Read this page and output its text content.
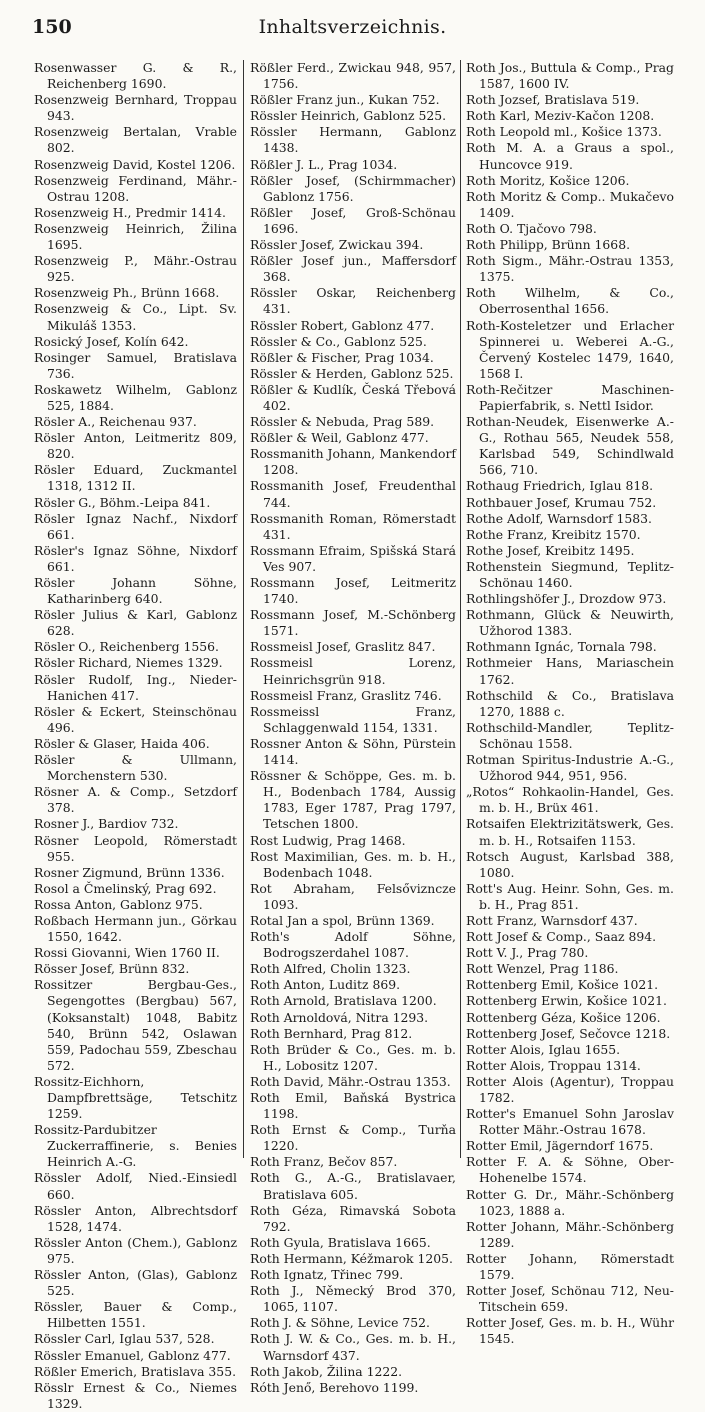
150	Inhaltsverzeichnis.

Rosenwasser G. & R., Reichenberg 1690.

Rosenzweig Bernhard, Troppau 943.

Rosenzweig Bertalan, Vrable 802.

Rosenzweig David, Kostel 1206.

Rosenzweig Ferdinand, Mähr.-Ostrau 1208.

Rosenzweig H., Predmir 1414.

Rosenzweig Heinrich, Žilina 1695.

Rosenzweig P., Mähr.-Ostrau 925.

Rosenzweig Ph., Brünn 1668.

Rosenzweig & Co., Lipt. Sv. Mikuláš 1353.

Rosický Josef, Kolín 642.

Rosinger Samuel, Bratislava 736.

Roskawetz Wilhelm, Gablonz 525, 1884.

Rösler A., Reichenau 937.

Rösler Anton, Leitmeritz 809, 820.

Rösler Eduard, Zuckmantel 1318, 1312 II.

Rösler G., Böhm.-Leipa 841.

Rösler Ignaz Nachf., Nixdorf 661.

Rösler's Ignaz Söhne, Nixdorf 661.

Rösler Johann Söhne, Katharinberg 640.

Rösler Julius & Karl, Gablonz 628.

Rösler O., Reichenberg 1556.

Rösler Richard, Niemes 1329.

Rösler Rudolf, Ing., Nieder-Hanichen 417.

Rösler & Eckert, Steinschönau 496.

Rösler & Glaser, Haida 406.

Rösler & Ullmann, Morchenstern 530.

Rösner A. & Comp., Setzdorf 378.

Rosner J., Bardiov 732.

Rösner Leopold, Römerstadt 955.

Rosner Zigmund, Brünn 1336.

Rosol a Čmelinský, Prag 692.

Rossa Anton, Gablonz 975.

Roßbach Hermann jun., Görkau 1550, 1642.

Rossi Giovanni, Wien 1760 II.

Rösser Josef, Brünn 832.

Rossitzer Bergbau-Ges., Segengottes (Bergbau) 567, (Koksanstalt) 1048, Babitz 540, Brünn 542, Oslawan 559, Padochau 559, Zbeschau 572.

Rossitz-Eichhorn, Dampfbrettsäge, Tetschitz 1259.

Rossitz-Pardubitzer Zuckerraffinerie, s. Benies Heinrich A.-G.

Rössler Adolf, Nied.-Einsiedl 660.

Rössler Anton, Albrechtsdorf 1528, 1474.

Rössler Anton (Chem.), Gablonz 975.

Rössler Anton, (Glas), Gablonz 525.

Rössler, Bauer & Comp., Hilbetten 1551.

Rössler Carl, Iglau 537, 528.

Rössler Emanuel, Gablonz 477.

Rößler Emerich, Bratislava 355.

Rösslr Ernest & Co., Niemes 1329.

Rößler Ferd., Zwickau 948, 957, 1756.

Rößler Franz jun., Kukan 752.

Rössler Heinrich, Gablonz 525.

Rössler Hermann, Gablonz 1438.

Rößler J. L., Prag 1034.

Rößler Josef, (Schirmmacher) Gablonz 1756.

Rößler Josef, Groß-Schönau 1696.

Rössler Josef, Zwickau 394.

Rößler Josef jun., Maffersdorf 368.

Rössler Oskar, Reichenberg 431.

Rössler Robert, Gablonz 477.

Rössler & Co., Gablonz 525.

Rößler & Fischer, Prag 1034.

Rössler & Herden, Gablonz 525.

Rößler & Kudlík, Česká Třebová 402.

Rössler & Nebuda, Prag 589.

Rößler & Weil, Gablonz 477.

Rossmanith Johann, Mankendorf 1208.

Rossmanith Josef, Freudenthal 744.

Rossmanith Roman, Römerstadt 431.

Rossmann Efraim, Spišská Stará Ves 907.

Rossmann Josef, Leitmeritz 1740.

Rossmann Josef, M.-Schönberg 1571.

Rossmeisl Josef, Graslitz 847.

Rossmeisl Lorenz, Heinrichsgrün 918.

Rossmeisl Franz, Graslitz 746.

Rossmeissl Franz, Schlaggenwald 1154, 1331.

Rossner Anton & Söhn, Pürstein 1414.

Rössner & Schöppe, Ges. m. b. H., Bodenbach 1784, Aussig 1783, Eger 1787, Prag 1797, Tetschen 1800.

Rost Ludwig, Prag 1468.

Rost Maximilian, Ges. m. b. H., Bodenbach 1048.

Rot Abraham, Felsővizncze 1093.

Rotal Jan a spol, Brünn 1369.

Roth's Adolf Söhne, Bodrogszerdahel 1087.

Roth Alfred, Cholin 1323.

Roth Anton, Luditz 869.

Roth Arnold, Bratislava 1200.

Roth Arnoldová, Nitra 1293.

Roth Bernhard, Prag 812.

Roth Brüder & Co., Ges. m. b. H., Lobositz 1207.

Roth David, Mähr.-Ostrau 1353.

Roth Emil, Baňská Bystrica 1198.

Roth Ernst & Comp., Turňa 1220.

Roth Franz, Bečov 857.

Roth G., A.-G., Bratislavaer, Bratislava 605.

Roth Géza, Rimavská Sobota 792.

Roth Gyula, Bratislava 1665.

Roth Hermann, Kéžmarok 1205.

Roth Ignatz, Třinec 799.

Roth J., Německý Brod 370, 1065, 1107.

Roth J. & Söhne, Levice 752.

Roth J. W. & Co., Ges. m. b. H., Warnsdorf 437.

Roth Jakob, Žilina 1222.

Róth Jenő, Berehovo 1199.

Roth Jos., Buttula & Comp., Prag 1587, 1600 IV.

Roth Jozsef, Bratislava 519.

Roth Karl, Meziv-Kačon 1208.

Roth Leopold ml., Košice 1373.

Roth M. A. a Graus a spol., Huncovce 919.

Roth Moritz, Košice 1206.

Roth Moritz & Comp.. Mukačevo 1409.

Roth O. Tjačovo 798.

Roth Philipp, Brünn 1668.

Roth Sigm., Mähr.-Ostrau 1353, 1375.

Roth Wilhelm, & Co., Oberrosenthal 1656.

Roth-Kosteletzer und Erlacher Spinnerei u. Weberei A.-G., Červený Kostelec 1479, 1640, 1568 I.

Roth-Rečitzer Maschinen-Papierfabrik, s. Nettl Isidor.

Rothan-Neudek, Eisenwerke A.-G., Rothau 565, Neudek 558, Karlsbad 549, Schindlwald 566, 710.

Rothaug Friedrich, Iglau 818.

Rothbauer Josef, Krumau 752.

Rothe Adolf, Warnsdorf 1583.

Rothe Franz, Kreibitz 1570.

Rothe Josef, Kreibitz 1495.

Rothenstein Siegmund, Teplitz-Schönau 1460.

Rothlingshöfer J., Drozdow 973.

Rothmann, Glück & Neuwirth, Užhorod 1383.

Rothmann Ignác, Tornala 798.

Rothmeier Hans, Mariaschein 1762.

Rothschild & Co., Bratislava 1270, 1888 c.

Rothschild-Mandler, Teplitz-Schönau 1558.

Rotman Spiritus-Industrie A.-G., Užhorod 944, 951, 956.

„Rotos“ Rohkaolin-Handel, Ges. m. b. H., Brüx 461.

Rotsaifen Elektrizitätswerk, Ges. m. b. H., Rotsaifen 1153.

Rotsch August, Karlsbad 388, 1080.

Rott's Aug. Heinr. Sohn, Ges. m. b. H., Prag 851.

Rott Franz, Warnsdorf 437.

Rott Josef & Comp., Saaz 894.

Rott V. J., Prag 780.

Rott Wenzel, Prag 1186.

Rottenberg Emil, Košice 1021.

Rottenberg Erwin, Košice 1021.

Rottenberg Géza, Košice 1206.

Rottenberg Josef, Sečovce 1218.

Rotter Alois, Iglau 1655.

Rotter Alois, Troppau 1314.

Rotter Alois (Agentur), Troppau 1782.

Rotter's Emanuel Sohn Jaroslav Rotter Mähr.-Ostrau 1678.

Rotter Emil, Jägerndorf 1675.

Rotter F. A. & Söhne, Ober-Hohenelbe 1574.

Rotter G. Dr., Mähr.-Schönberg 1023, 1888 a.

Rotter Johann, Mähr.-Schönberg 1289.

Rotter Johann, Römerstadt 1579.

Rotter Josef, Schönau 712, Neu-Titschein 659.

Rotter Josef, Ges. m. b. H., Wühr 1545.
